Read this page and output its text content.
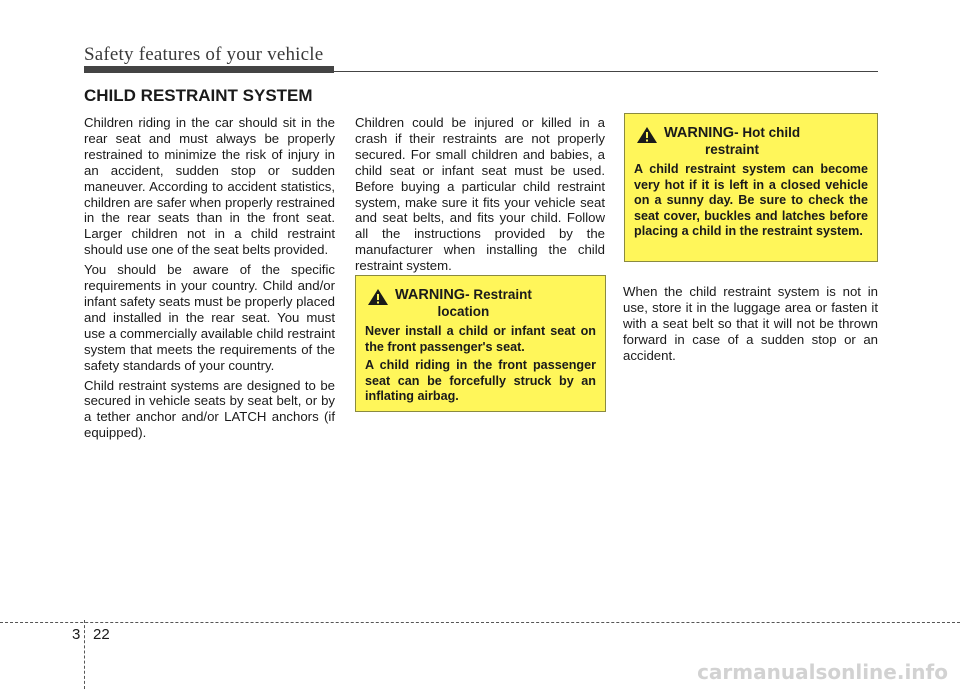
Safety features of your vehicle
CHILD RESTRAINT SYSTEM

Children riding in the car should sit in the rear seat and must always be properly restrained to minimize the risk of injury in an accident, sudden stop or sudden maneuver. According to accident statistics, children are safer when properly restrained in the rear seats than in the front seat. Larger children not in a child restraint should use one of the seat belts provided.

You should be aware of the specific requirements in your country. Child and/or infant safety seats must be properly placed and installed in the rear seat. You must use a commercially available child restraint system that meets the requirements of the safety standards of your country.

Child restraint systems are designed to be secured in vehicle seats by seat belt, or by a tether anchor and/or LATCH anchors (if equipped).

Children could be injured or killed in a crash if their restraints are not properly secured. For small children and babies, a child seat or infant seat must be used. Before buying a particular child restraint system, make sure it fits your vehicle seat and seat belts, and fits your child. Follow all the instructions provided by the manufacturer when installing the child restraint system.

WARNING- Restraint
location

Never install a child or infant seat on the front passenger's seat.

A child riding in the front passenger seat can be forcefully struck by an inflating airbag.

WARNING- Hot child
restraint

A child restraint system can become very hot if it is left in a closed vehicle on a sunny day. Be sure to check the seat cover, buckles and latches before placing a child in the restraint system.

When the child restraint system is not in use, store it in the luggage area or fasten it with a seat belt so that it will not be thrown forward in case of a sudden stop or an accident.

3 22
carmanualsonline.info
